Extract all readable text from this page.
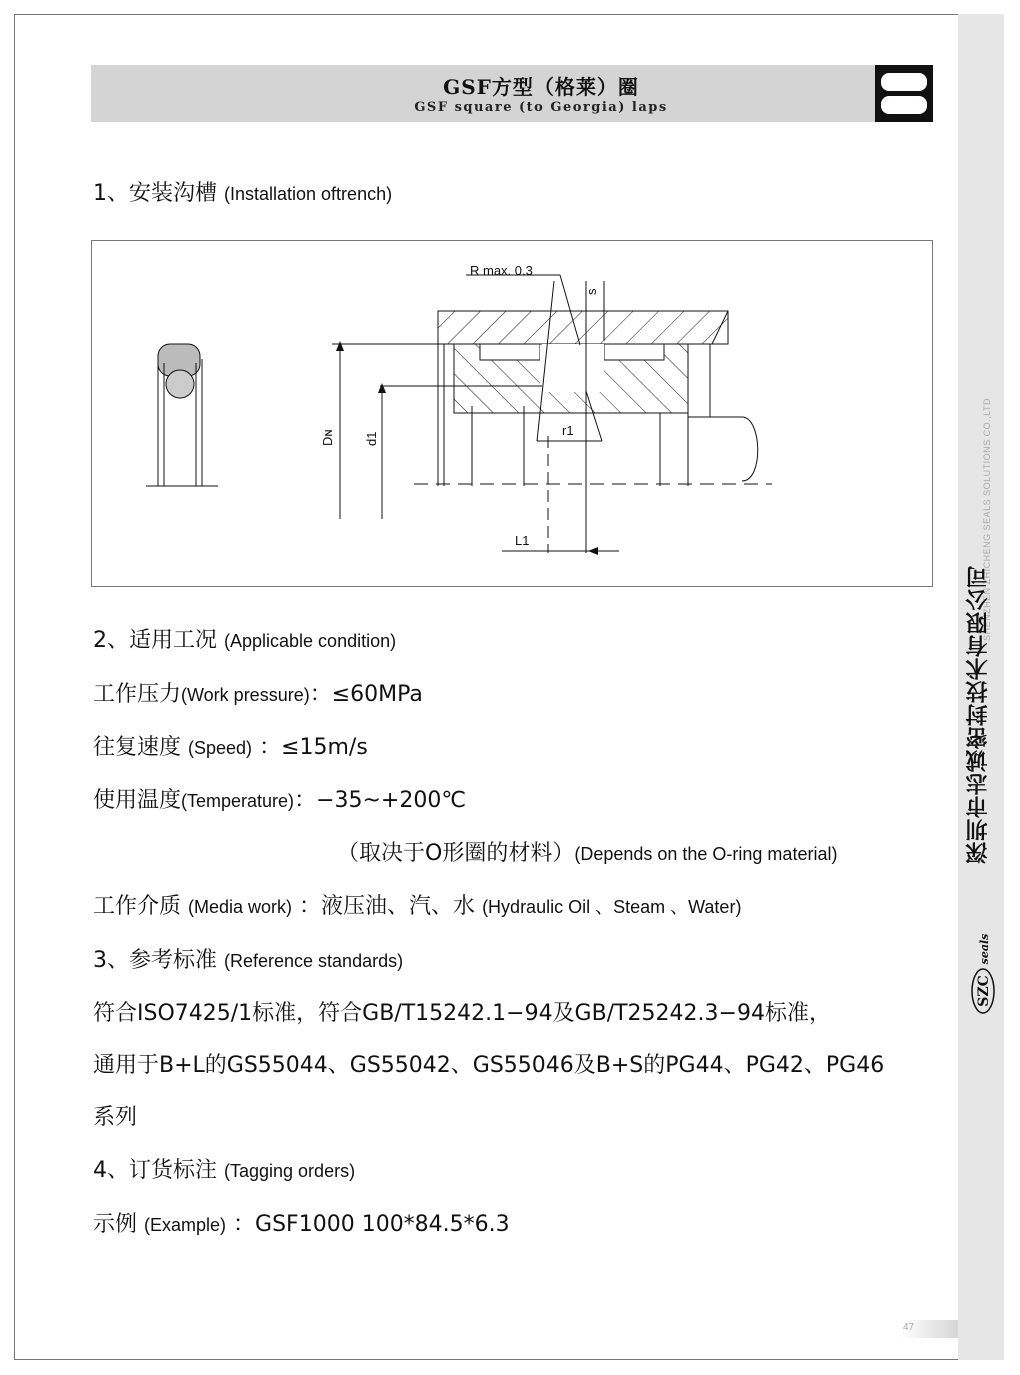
SHENZHEN ZHICHENG SEALS SOLUTIONS CO.,LTD
深圳市志诚密封技术有限公司
SZC
seals
47
GSF方型（格莱）圈
GSF square (to Georgia) laps
1、安装沟槽 (Installation oftrench)
R max. 0.3
s
Dɴ d1
r1
L1
2、适用工况 (Applicable condition)
工作压力(Work pressure)：≤60MPa
往复速度 (Speed) ：≤15m/s
使用温度(Temperature)：−35~+200℃
（取决于O形圈的材料）(Depends on the O-ring material)
工作介质 (Media work) ：液压油、汽、水 (Hydraulic Oil 、Steam 、Water)
3、参考标准 (Reference standards)
符合ISO7425/1标准，符合GB/T15242.1−94及GB/T25242.3−94标准，
通用于B+L的GS55044、GS55042、GS55046及B+S的PG44、PG42、PG46
系列
4、订货标注 (Tagging orders)
示例 (Example) ：GSF1000 100*84.5*6.3
